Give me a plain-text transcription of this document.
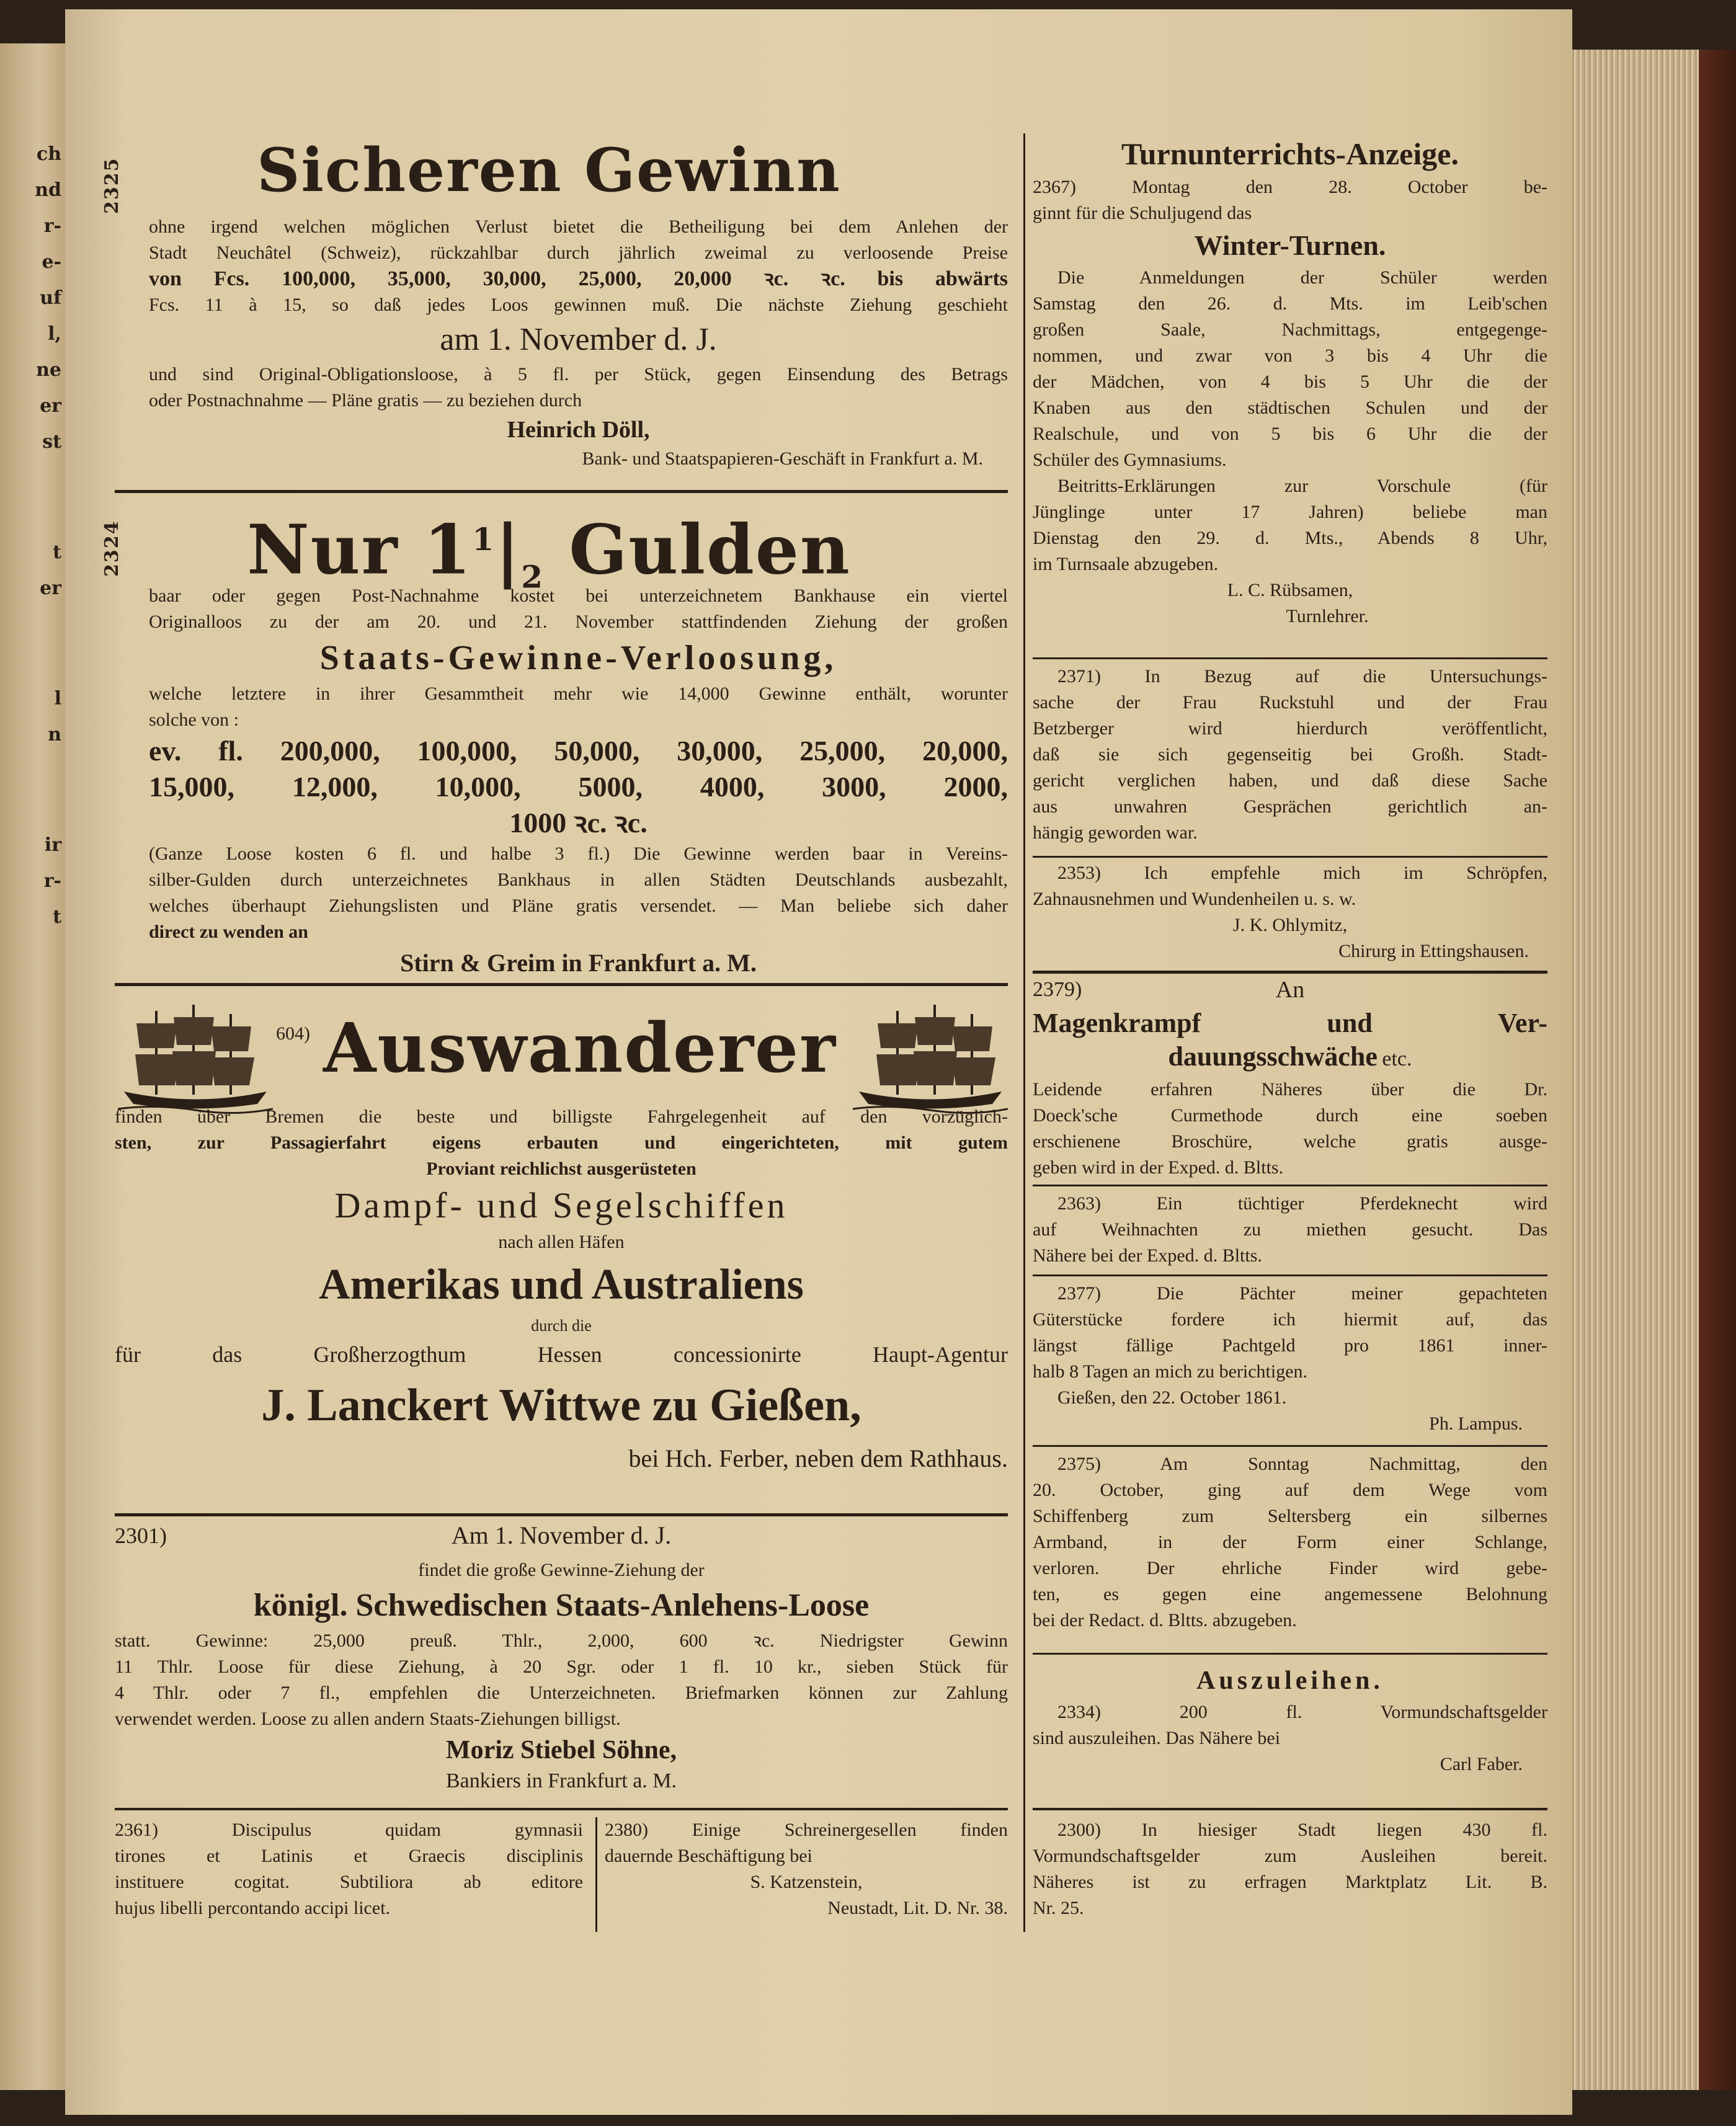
ch
nd
r-
e-
uf
l,
ne
er
st
t
er
l
n
ir
r-
t
2325	Sicheren Gewinn
ohne irgend welchen möglichen Verlust bietet die Betheiligung bei dem Anlehen der
Stadt Neuchâtel (Schweiz), rückzahlbar durch jährlich zweimal zu verloosende Preise
von Fcs. 100,000, 35,000, 30,000, 25,000, 20,000 ꝛc. ꝛc. bis abwärts
Fcs. 11 à 15, so daß jedes Loos gewinnen muß. Die nächste Ziehung geschieht
am 1. November d. J.
und sind Original-Obligationsloose, à 5 fl. per Stück, gegen Einsendung des Betrags
oder Postnachnahme — Pläne gratis — zu beziehen durch
Heinrich Döll,
Bank- und Staatspapieren-Geschäft in Frankfurt a. M.
2324	Nur $1^1|_2$ Gulden
baar oder gegen Post-Nachnahme kostet bei unterzeichnetem Bankhause ein viertel
Originalloos zu der am 20. und 21. November stattfindenden Ziehung der großen
Staats-Gewinne-Verloosung,
welche letztere in ihrer Gesammtheit mehr wie 14,000 Gewinne enthält, worunter
solche von :
ev. fl. 200,000, 100,000, 50,000, 30,000, 25,000, 20,000,
15,000, 12,000, 10,000, 5000, 4000, 3000, 2000,
1000 ꝛc. ꝛc.
(Ganze Loose kosten 6 fl. und halbe 3 fl.) Die Gewinne werden baar in Vereins-
silber-Gulden durch unterzeichnetes Bankhaus in allen Städten Deutschlands ausbezahlt,
welches überhaupt Ziehungslisten und Pläne gratis versendet. — Man beliebe sich daher
direct zu wenden an
Stirn & Greim in Frankfurt a. M.
604) Auswanderer
finden über Bremen die beste und billigste Fahrgelegenheit auf den vorzüglich-
sten, zur Passagierfahrt eigens erbauten und eingerichteten, mit gutem
Proviant reichlichst ausgerüsteten
Dampf- und Segelschiffen
nach allen Häfen
Amerikas und Australiens
durch die
für das Großherzogthum Hessen concessionirte Haupt-Agentur
J. Lanckert Wittwe zu Gießen,
bei Hch. Ferber, neben dem Rathhaus.
2301)	Am 1. November d. J.
findet die große Gewinne-Ziehung der
königl. Schwedischen Staats-Anlehens-Loose
statt. Gewinne: 25,000 preuß. Thlr., 2,000, 600 ꝛc. Niedrigster Gewinn
11 Thlr. Loose für diese Ziehung, à 20 Sgr. oder 1 fl. 10 kr., sieben Stück für
4 Thlr. oder 7 fl., empfehlen die Unterzeichneten. Briefmarken können zur Zahlung
verwendet werden. Loose zu allen andern Staats-Ziehungen billigst.
Moriz Stiebel Söhne,
Bankiers in Frankfurt a. M.
2361) Discipulus quidam gymnasii
tirones et Latinis et Graecis disciplinis
instituere cogitat. Subtiliora ab editore
hujus libelli percontando accipi licet.
2380) Einige Schreinergesellen finden
dauernde Beschäftigung bei
S. Katzenstein,
Neustadt, Lit. D. Nr. 38.
Turnunterrichts-Anzeige.
2367) Montag den 28. October be-
ginnt für die Schuljugend das
Winter-Turnen.
Die Anmeldungen der Schüler werden
Samstag den 26. d. Mts. im Leib'schen
großen Saale, Nachmittags, entgegenge-
nommen, und zwar von 3 bis 4 Uhr die
der Mädchen, von 4 bis 5 Uhr die der
Knaben aus den städtischen Schulen und der
Realschule, und von 5 bis 6 Uhr die der
Schüler des Gymnasiums.
Beitritts-Erklärungen zur Vorschule (für
Jünglinge unter 17 Jahren) beliebe man
Dienstag den 29. d. Mts., Abends 8 Uhr,
im Turnsaale abzugeben.
L. C. Rübsamen,
Turnlehrer.
2371) In Bezug auf die Untersuchungs-
sache der Frau Ruckstuhl und der Frau
Betzberger wird hierdurch veröffentlicht,
daß sie sich gegenseitig bei Großh. Stadt-
gericht verglichen haben, und daß diese Sache
aus unwahren Gesprächen gerichtlich an-
hängig geworden war.
2353) Ich empfehle mich im Schröpfen,
Zahnausnehmen und Wundenheilen u. s. w.
J. K. Ohlymitz,
Chirurg in Ettingshausen.
2379)	An
Magenkrampf und Ver-
dauungsschwäche etc.
Leidende erfahren Näheres über die Dr.
Doeck'sche Curmethode durch eine soeben
erschienene Broschüre, welche gratis ausge-
geben wird in der Exped. d. Bltts.
2363) Ein tüchtiger Pferdeknecht wird
auf Weihnachten zu miethen gesucht. Das
Nähere bei der Exped. d. Bltts.
2377) Die Pächter meiner gepachteten
Güterstücke fordere ich hiermit auf, das
längst fällige Pachtgeld pro 1861 inner-
halb 8 Tagen an mich zu berichtigen.
Gießen, den 22. October 1861.
Ph. Lampus.
2375) Am Sonntag Nachmittag, den
20. October, ging auf dem Wege vom
Schiffenberg zum Seltersberg ein silbernes
Armband, in der Form einer Schlange,
verloren. Der ehrliche Finder wird gebe-
ten, es gegen eine angemessene Belohnung
bei der Redact. d. Bltts. abzugeben.
Auszuleihen.
2334) 200 fl. Vormundschaftsgelder
sind auszuleihen. Das Nähere bei
Carl Faber.
2300) In hiesiger Stadt liegen 430 fl.
Vormundschaftsgelder zum Ausleihen bereit.
Näheres ist zu erfragen Marktplatz Lit. B.
Nr. 25.
